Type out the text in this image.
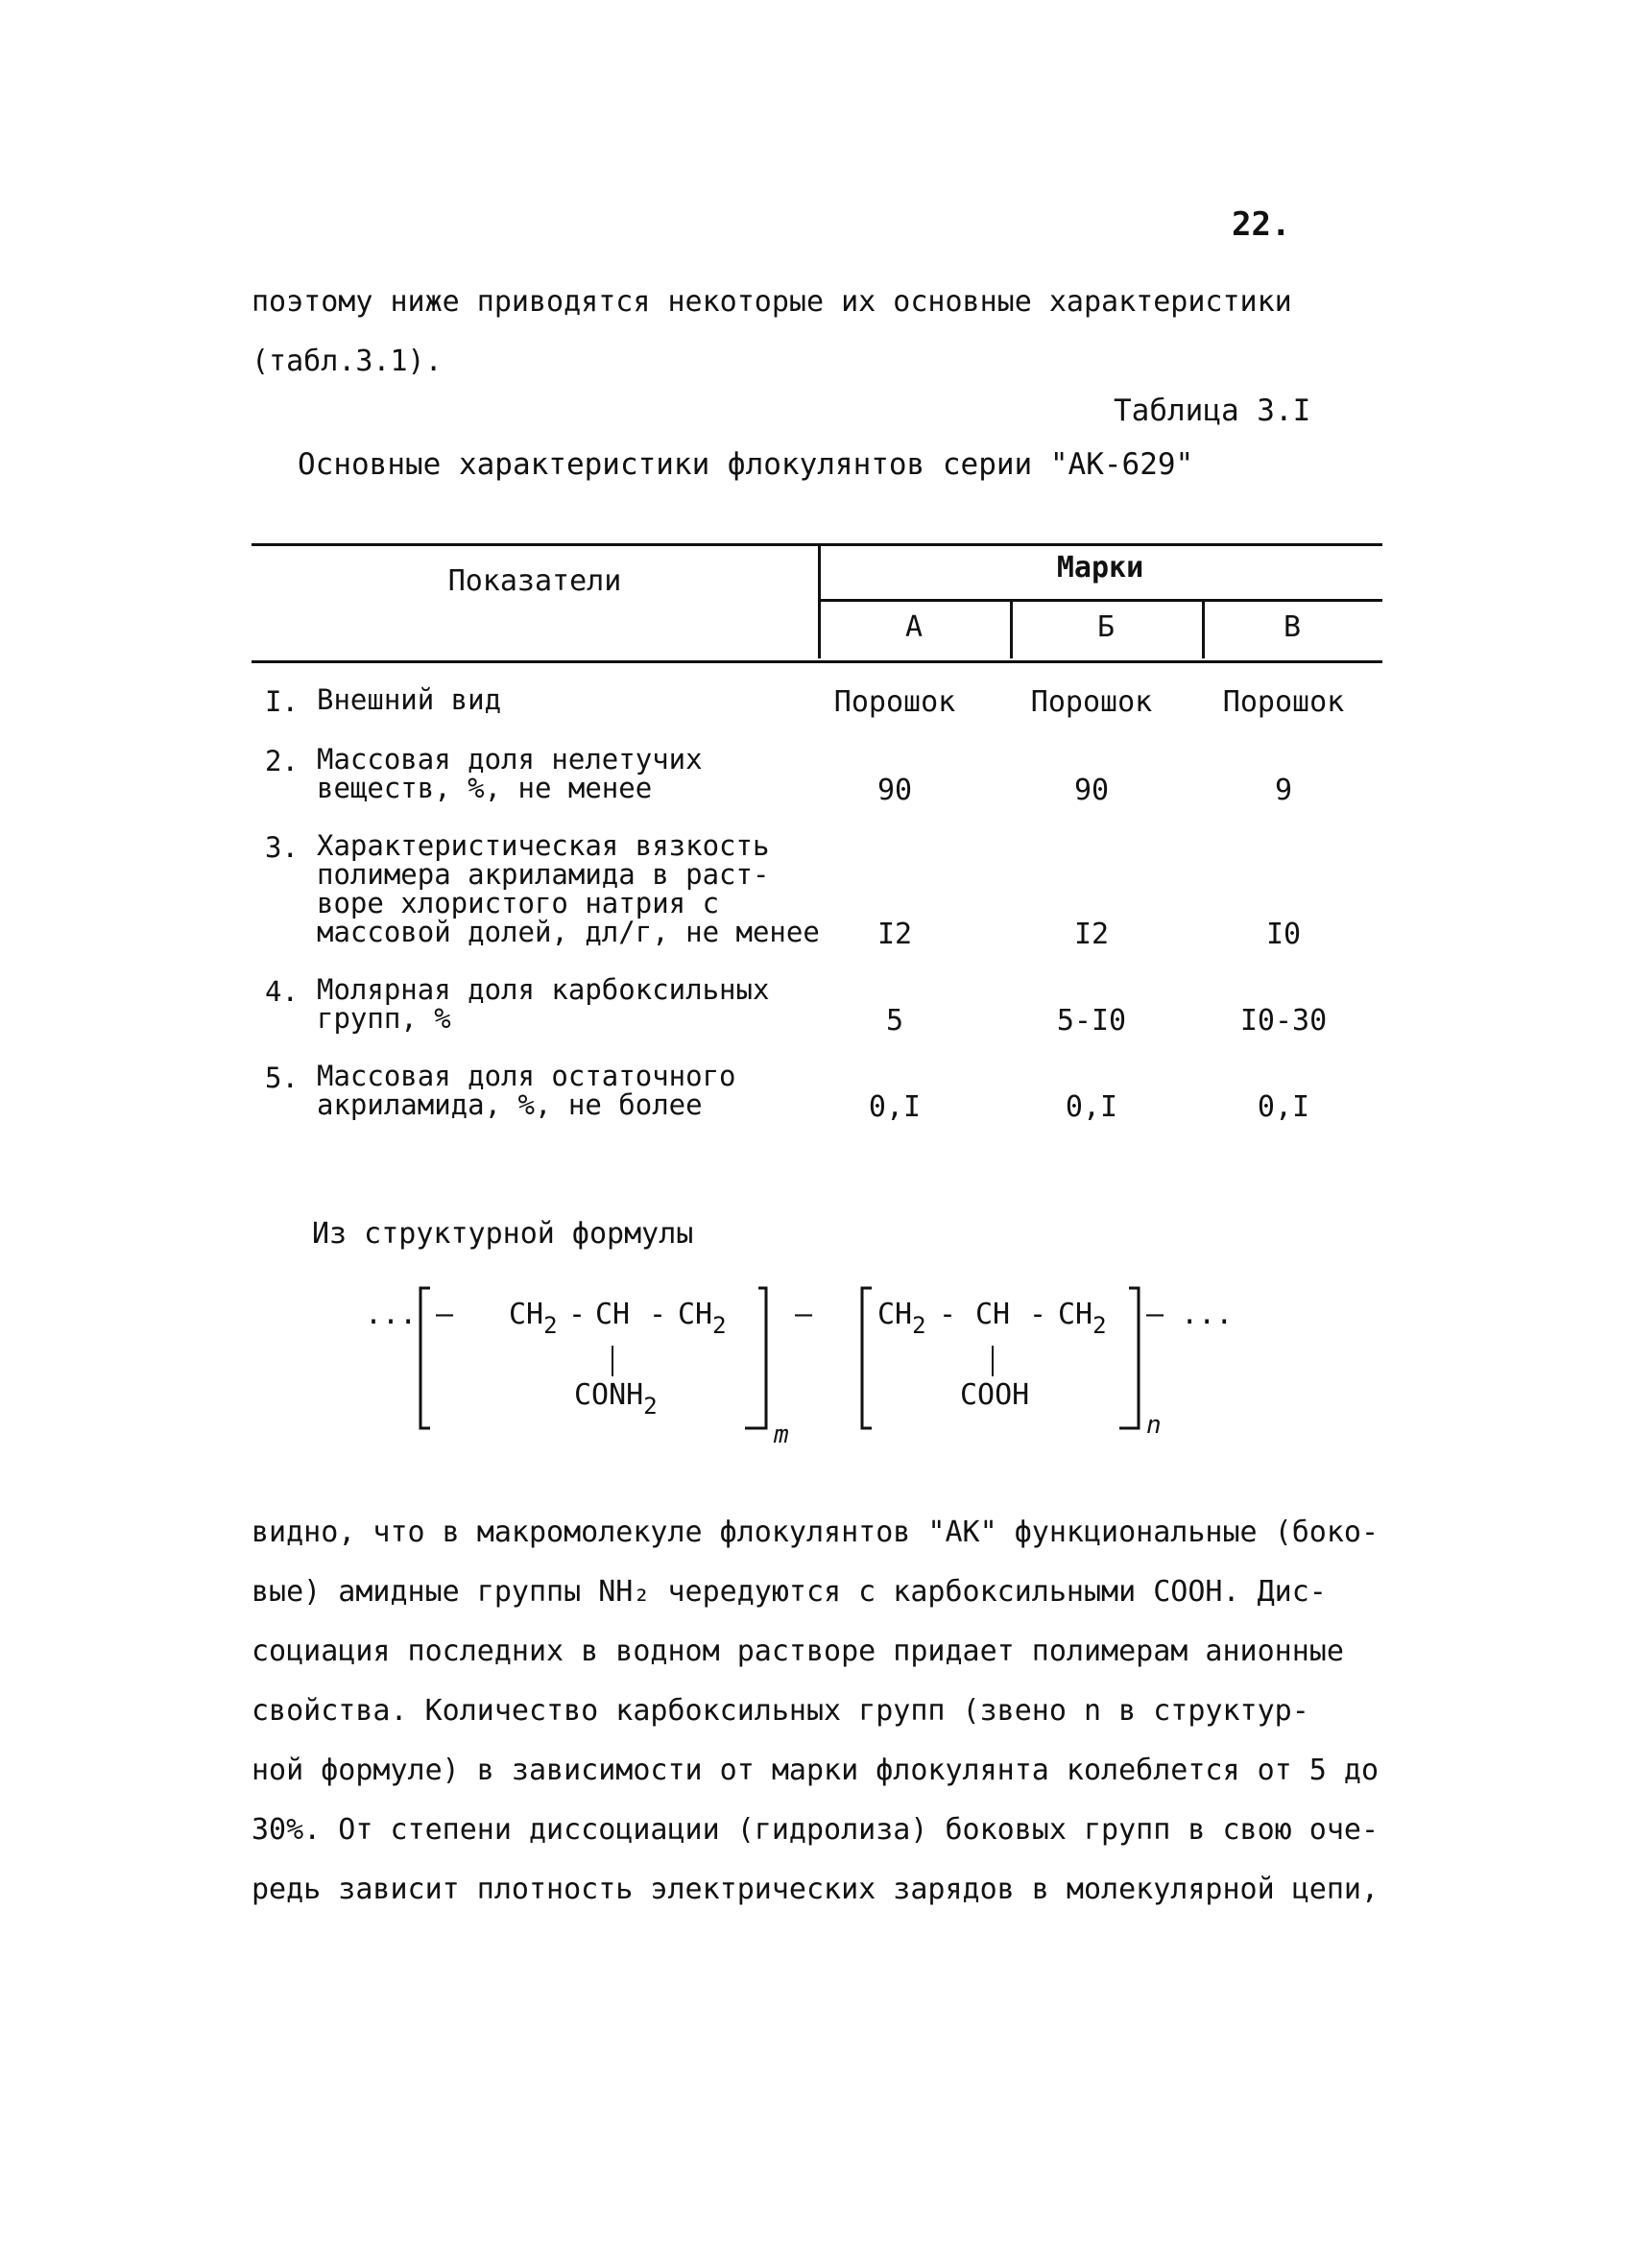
22.
поэтому ниже приводятся некоторые их основные характеристики
(табл.3.1).
Таблица 3.I
Основные характеристики флокулянтов серии "АК-629"
Показатели	Марки
А	Б	В
I. Внешний вид	Порошок	Порошок	Порошок
2. Массовая доля нелетучих
веществ, %, не менее	90	90	9
3. Характеристическая вязкость
полимера акриламида в раст-
воре хлористого натрия с
массовой долей, дл/г, не менее	I2	I2	I0
4. Молярная доля карбоксильных
групп, %	5	5-I0	I0-30
5. Массовая доля остаточного
акриламида, %, не более	0,I	0,I	0,I
Из структурной формулы
... — $CH_2$ - CH - $CH_2$
$CONH_2$
m
— $CH_2$ - CH - $CH_2$
COOH
n
— ...
видно, что в макромолекуле флокулянтов "АК" функциональные (боко-
вые) амидные группы NH₂ чередуются с карбоксильными COOH. Дис-
социация последних в водном растворе придает полимерам анионные
свойства. Количество карбоксильных групп (звено n в структур-
ной формуле) в зависимости от марки флокулянта колеблется от 5 до
30%. От степени диссоциации (гидролиза) боковых групп в свою оче-
редь зависит плотность электрических зарядов в молекулярной цепи,
